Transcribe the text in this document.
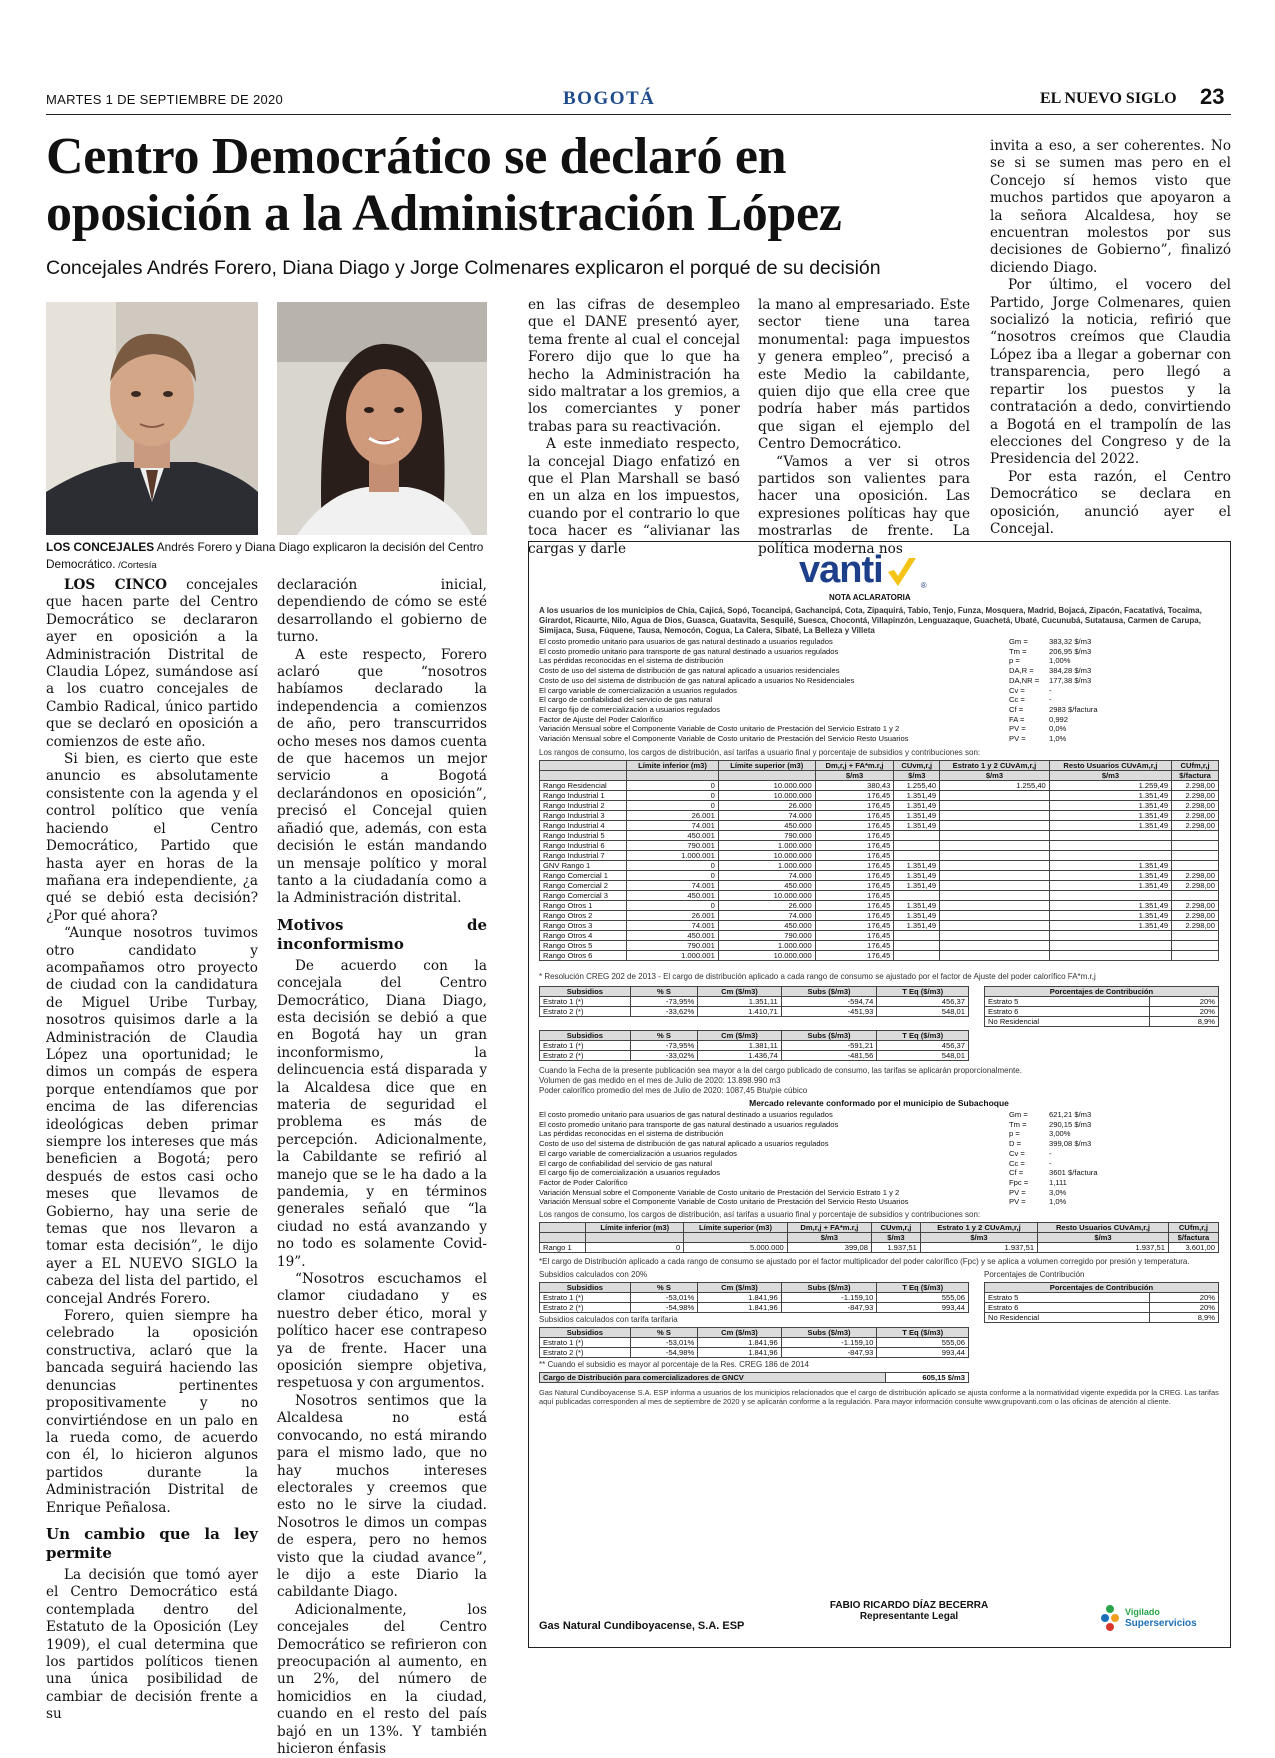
MARTES 1 DE SEPTIEMBRE DE 2020	BOGOTÁ	EL NUEVO SIGLO 23
Centro Democrático se declaró en oposición a la Administración López
Concejales Andrés Forero, Diana Diago y Jorge Colmenares explicaron el porqué de su decisión
LOS CONCEJALES Andrés Forero y Diana Diago explicaron la decisión del Centro Democrático. /Cortesía

LOS CINCO concejales que hacen parte del Centro Democrático se declararon ayer en oposición a la Administración Distrital de Claudia López, sumándose así a los cuatro concejales de Cambio Radical, único partido que se declaró en oposición a comienzos de este año.

Si bien, es cierto que este anuncio es absolutamente consistente con la agenda y el control político que venía haciendo el Centro Democrático, Partido que hasta ayer en horas de la mañana era independiente, ¿a qué se debió esta decisión? ¿Por qué ahora?

“Aunque nosotros tuvimos otro candidato y acompañamos otro proyecto de ciudad con la candidatura de Miguel Uribe Turbay, nosotros quisimos darle a la Administración de Claudia López una oportunidad; le dimos un compás de espera porque entendíamos que por encima de las diferencias ideológicas deben primar siempre los intereses que más beneficien a Bogotá; pero después de estos casi ocho meses que llevamos de Gobierno, hay una serie de temas que nos llevaron a tomar esta decisión”, le dijo ayer a EL NUEVO SIGLO la cabeza del lista del partido, el concejal Andrés Forero.

Forero, quien siempre ha celebrado la oposición constructiva, aclaró que la bancada seguirá haciendo las denuncias pertinentes propositivamente y no convirtiéndose en un palo en la rueda como, de acuerdo con él, lo hicieron algunos partidos durante la Administración Distrital de Enrique Peñalosa.

Un cambio que la ley permite

La decisión que tomó ayer el Centro Democrático está contemplada dentro del Estatuto de la Oposición (Ley 1909), el cual determina que los partidos políticos tienen una única posibilidad de cambiar de decisión frente a su

declaración inicial, dependiendo de cómo se esté desarrollando el gobierno de turno.

A este respecto, Forero aclaró que “nosotros habíamos declarado la independencia a comienzos de año, pero transcurridos ocho meses nos damos cuenta de que hacemos un mejor servicio a Bogotá declarándonos en oposición”, precisó el Concejal quien añadió que, además, con esta decisión le están mandando un mensaje político y moral tanto a la ciudadanía como a la Administración distrital.

Motivos de inconformismo

De acuerdo con la concejala del Centro Democrático, Diana Diago, esta decisión se debió a que en Bogotá hay un gran inconformismo, la delincuencia está disparada y la Alcaldesa dice que en materia de seguridad el problema es más de percepción. Adicionalmente, la Cabildante se refirió al manejo que se le ha dado a la pandemia, y en términos generales señaló que “la ciudad no está avanzando y no todo es solamente Covid-19”.

“Nosotros escuchamos el clamor ciudadano y es nuestro deber ético, moral y político hacer ese contrapeso ya de frente. Hacer una oposición siempre objetiva, respetuosa y con argumentos.

Nosotros sentimos que la Alcaldesa no está convocando, no está mirando para el mismo lado, que no hay muchos intereses electorales y creemos que esto no le sirve la ciudad. Nosotros le dimos un compas de espera, pero no hemos visto que la ciudad avance”, le dijo a este Diario la cabildante Diago.

Adicionalmente, los concejales del Centro Democrático se refirieron con preocupación al aumento, en un 2%, del número de homicidios en la ciudad, cuando en el resto del país bajó en un 13%. Y también hicieron énfasis

en las cifras de desempleo que el DANE presentó ayer, tema frente al cual el concejal Forero dijo que lo que ha hecho la Administración ha sido maltratar a los gremios, a los comerciantes y poner trabas para su reactivación.

A este inmediato respecto, la concejal Diago enfatizó en que el Plan Marshall se basó en un alza en los impuestos, cuando por el contrario lo que toca hacer es “alivianar las cargas y darle

la mano al empresariado. Este sector tiene una tarea monumental: paga impuestos y genera empleo”, precisó a este Medio la cabildante, quien dijo que ella cree que podría haber más partidos que sigan el ejemplo del Centro Democrático.

“Vamos a ver si otros partidos son valientes para hacer una oposición. Las expresiones políticas hay que mostrarlas de frente. La política moderna nos

invita a eso, a ser coherentes. No se si se sumen mas pero en el Concejo sí hemos visto que muchos partidos que apoyaron a la señora Alcaldesa, hoy se encuentran molestos por sus decisiones de Gobierno”, finalizó diciendo Diago.

Por último, el vocero del Partido, Jorge Colmenares, quien socializó la noticia, refirió que “nosotros creímos que Claudia López iba a llegar a gobernar con transparencia, pero llegó a repartir los puestos y la contratación a dedo, convirtiendo a Bogotá en el trampolín de las elecciones del Congreso y de la Presidencia del 2022.

Por esta razón, el Centro Democrático se declara en oposición, anunció ayer el Concejal.

vanti	®
NOTA ACLARATORIA
A los usuarios de los municipios de Chía, Cajicá, Sopó, Tocancipá, Gachancipá, Cota, Zipaquirá, Tabio, Tenjo, Funza, Mosquera, Madrid, Bojacá, Zipacón, Facatativá, Tocaima, Girardot, Ricaurte, Nilo, Agua de Dios, Guasca, Guatavita, Sesquilé, Suesca, Chocontá, Villapinzón, Lenguazaque, Guachetá, Ubaté, Cucunubá, Sutatausa, Carmen de Carupa, Simijaca, Susa, Fúquene, Tausa, Nemocón, Cogua, La Calera, Sibaté, La Belleza y Villeta
El costo promedio unitario para usuarios de gas natural destinado a usuarios regulados	Gm =	383,32 $/m3
El costo promedio unitario para transporte de gas natural destinado a usuarios regulados	Tm =	206,95 $/m3
Las pérdidas reconocidas en el sistema de distribución	p =	1,00%
Costo de uso del sistema de distribución de gas natural aplicado a usuarios residenciales	DA,R =	384,28 $/m3
Costo de uso del sistema de distribución de gas natural aplicado a usuarios No Residenciales	DA,NR =	177,38 $/m3
El cargo variable de comercialización a usuarios regulados	Cv =	-
El cargo de confiabilidad del servicio de gas natural	Cc =	-
El cargo fijo de comercialización a usuarios regulados	Cf =	2983 $/factura
Factor de Ajuste del Poder Calorífico	FA =	0,992
Variación Mensual sobre el Componente Variable de Costo unitario de Prestación del Servicio Estrato 1 y 2	PV =	0,0%
Variación Mensual sobre el Componente Variable de Costo unitario de Prestación del Servicio Resto Usuarios	PV =	1,0%
Los rangos de consumo, los cargos de distribución, así tarifas a usuario final y porcentaje de subsidios y contribuciones son:
	Límite inferior (m3)	Límite superior (m3)	Dm,r,j + FA*m.r,j	CUvm,r,j	Estrato 1 y 2 CUvAm,r,j	Resto Usuarios CUvAm,r,j	CUfm,r,j
			$/m3	$/m3	$/m3	$/m3	$/factura
Rango Residencial	0	10.000.000	380,43	1.255,40	1.255,40	1.259,49	2.298,00
Rango Industrial 1	0	10.000.000	176,45	1.351,49		1.351,49	2.298,00
Rango Industrial 2	0	26.000	176,45	1.351,49		1.351,49	2.298,00
Rango Industrial 3	26.001	74.000	176,45	1.351,49		1.351,49	2.298,00
Rango Industrial 4	74.001	450.000	176,45	1.351,49		1.351,49	2.298,00
Rango Industrial 5	450.001	790.000	176,45				
Rango Industrial 6	790.001	1.000.000	176,45				
Rango Industrial 7	1.000.001	10.000.000	176,45				
GNV Rango 1	0	1.000.000	176,45	1.351,49		1.351,49	
Rango Comercial 1	0	74.000	176,45	1.351,49		1.351,49	2.298,00
Rango Comercial 2	74.001	450.000	176,45	1.351,49		1.351,49	2.298,00
Rango Comercial 3	450.001	10.000.000	176,45				
Rango Otros 1	0	26.000	176,45	1.351,49		1.351,49	2.298,00
Rango Otros 2	26.001	74.000	176,45	1.351,49		1.351,49	2.298,00
Rango Otros 3	74.001	450.000	176,45	1.351,49		1.351,49	2.298,00
Rango Otros 4	450.001	790.000	176,45				
Rango Otros 5	790.001	1.000.000	176,45				
Rango Otros 6	1.000.001	10.000.000	176,45				
* Resolución CREG 202 de 2013 - El cargo de distribución aplicado a cada rango de consumo se ajustado por el factor de Ajuste del poder calorífico FA*m.r,j
Subsidios	% S	Cm ($/m3)	Subs ($/m3)	T Eq ($/m3)
Estrato 1 (*)	-73,95%	1.351,11	-594,74	456,37
Estrato 2 (*)	-33,62%	1.410,71	-451,93	548,01
Porcentajes de Contribución	
Estrato 5	20%
Estrato 6	20%
No Residencial	8,9%
Subsidios	% S	Cm ($/m3)	Subs ($/m3)	T Eq ($/m3)
Estrato 1 (*)	-73,95%	1.381,11	-591,21	456,37
Estrato 2 (*)	-33,02%	1.436,74	-481,56	548,01
Cuando la Fecha de la presente publicación sea mayor a la del cargo publicado de consumo, las tarifas se aplicarán proporcionalmente.
Volumen de gas medido en el mes de Julio de 2020: 13.898.990 m3
Poder calorífico promedio del mes de Julio de 2020: 1087,45 Btu/pie cúbico
Mercado relevante conformado por el municipio de Subachoque
El costo promedio unitario para usuarios de gas natural destinado a usuarios regulados	Gm =	621,21 $/m3
El costo promedio unitario para transporte de gas natural destinado a usuarios regulados	Tm =	290,15 $/m3
Las pérdidas reconocidas en el sistema de distribución	p =	3,00%
Costo de uso del sistema de distribución de gas natural aplicado a usuarios regulados	D =	399,08 $/m3
El cargo variable de comercialización a usuarios regulados	Cv =	-
El cargo de confiabilidad del servicio de gas natural	Cc =	-
El cargo fijo de comercialización a usuarios regulados	Cf =	3601 $/factura
Factor de Poder Calorífico	Fpc =	1,111
Variación Mensual sobre el Componente Variable de Costo unitario de Prestación del Servicio Estrato 1 y 2	PV =	3,0%
Variación Mensual sobre el Componente Variable de Costo unitario de Prestación del Servicio Resto Usuarios	PV =	1,0%
Los rangos de consumo, los cargos de distribución, así tarifas a usuario final y porcentaje de subsidios y contribuciones son:
	Límite inferior (m3)	Límite superior (m3)	Dm,r,j + FA*m.r,j	CUvm,r,j	Estrato 1 y 2 CUvAm,r,j	Resto Usuarios CUvAm,r,j	CUfm,r,j
			$/m3	$/m3	$/m3	$/m3	$/factura
Rango 1	0	5.000.000	399,08	1.937,51	1.937,51	1.937,51	3.601,00
*El cargo de Distribución aplicado a cada rango de consumo se ajustado por el factor multiplicador del poder calorífico (Fpc) y se aplica a volumen corregido por presión y temperatura.
Subsidios calculados con 20%	Porcentajes de Contribución
Subsidios	% S	Cm ($/m3)	Subs ($/m3)	T Eq ($/m3)
Estrato 1 (*)	-53,01%	1.841,96	-1.159,10	555,06
Estrato 2 (*)	-54,98%	1.841,96	-847,93	993,44
Porcentajes de Contribución	
Estrato 5	20%
Estrato 6	20%
No Residencial	8,9%
Subsidios calculados con tarifa tarifaria
Subsidios	% S	Cm ($/m3)	Subs ($/m3)	T Eq ($/m3)
Estrato 1 (*)	-53,01%	1.841,96	-1.159,10	555,06
Estrato 2 (*)	-54,98%	1.841,96	-847,93	993,44
** Cuando el subsidio es mayor al porcentaje de la Res. CREG 186 de 2014
Cargo de Distribución para comercializadores de GNCV	605,15 $/m3
Gas Natural Cundiboyacense S.A. ESP informa a usuarios de los municipios relacionados que el cargo de distribución aplicado se ajusta conforme a la normatividad vigente expedida por la CREG. Las tarifas aquí publicadas corresponden al mes de septiembre de 2020 y se aplicarán conforme a la regulación. Para mayor información consulte www.grupovanti.com o las oficinas de atención al cliente.
Gas Natural Cundiboyacense, S.A. ESP
FABIO RICARDO DÍAZ BECERRA
Representante Legal	Vigilado
Superservicios
